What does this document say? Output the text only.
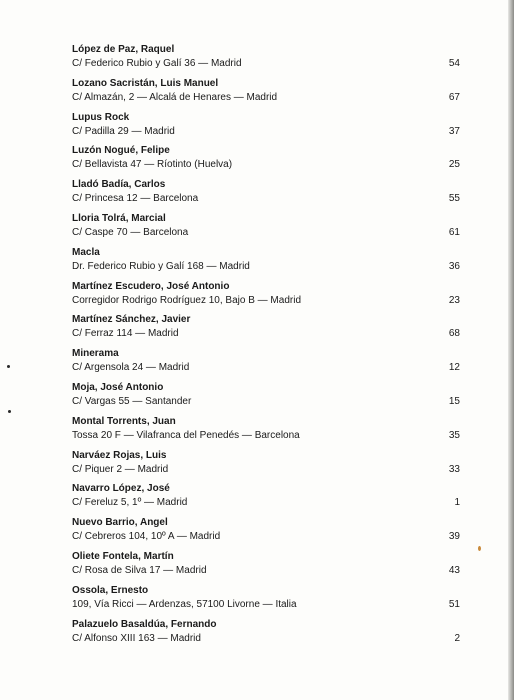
López de Paz, Raquel
C/ Federico Rubio y Galí 36 — Madrid	54
Lozano Sacristán, Luis Manuel
C/ Almazán, 2 — Alcalá de Henares — Madrid	67
Lupus Rock
C/ Padilla 29 — Madrid	37
Luzón Nogué, Felipe
C/ Bellavista 47 — Ríotinto (Huelva)	25
Lladó Badía, Carlos
C/ Princesa 12 — Barcelona	55
Lloria Tolrá, Marcial
C/ Caspe 70 — Barcelona	61
Macla
Dr. Federico Rubio y Galí 168 — Madrid	36
Martínez Escudero, José Antonio
Corregidor Rodrigo Rodríguez 10, Bajo B — Madrid	23
Martínez Sánchez, Javier
C/ Ferraz 114 — Madrid	68
Minerama
C/ Argensola 24 — Madrid	12
Moja, José Antonio
C/ Vargas 55 — Santander	15
Montal Torrents, Juan
Tossa 20 F — Vilafranca del Penedés — Barcelona	35
Narváez Rojas, Luis
C/ Piquer 2 — Madrid	33
Navarro López, José
C/ Fereluz 5, 1º — Madrid	1
Nuevo Barrio, Angel
C/ Cebreros 104, 10º A — Madrid	39
Oliete Fontela, Martín
C/ Rosa de Silva 17 — Madrid	43
Ossola, Ernesto
109, Vía Ricci — Ardenzas, 57100 Livorne — Italia	51
Palazuelo Basaldúa, Fernando
C/ Alfonso XIII 163 — Madrid	2
